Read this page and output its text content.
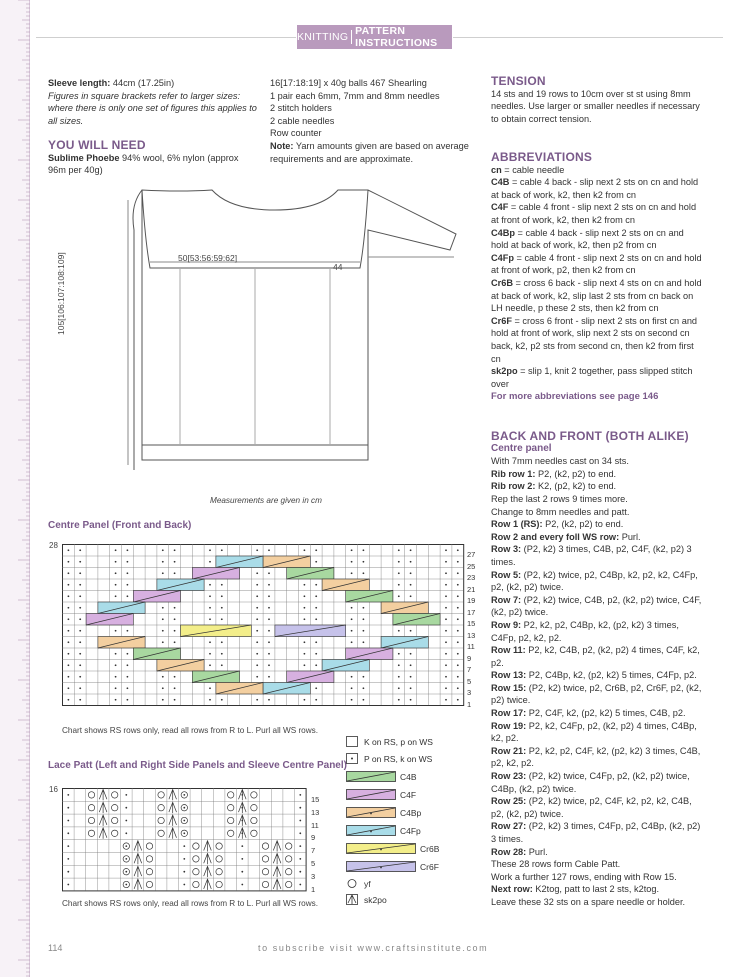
KNITTING PATTERN INSTRUCTIONS
Sleeve length: 44cm (17.25in)
Figures in square brackets refer to larger sizes: where there is only one set of figures this applies to all sizes.
YOU WILL NEED
Sublime Phoebe 94% wool, 6% nylon (approx 96m per 40g)
16[17:18:19] x 40g balls 467 Shearling
1 pair each 6mm, 7mm and 8mm needles
2 stitch holders
2 cable needles
Row counter
Note: Yarn amounts given are based on average requirements and are approximate.
50[53:56:59:62]
44
105[106:107:108:109]
Measurements are given in cm
Centre Panel (Front and Back)
28
27
25
23
21
19
17
15
13
11
9
7
5
3
1
Chart shows RS rows only, read all rows from R to L. Purl all WS rows.
Lace Patt (Left and Right Side Panels and Sleeve Centre Panel)
16
15
13
11
9
7
5
3
1
Chart shows RS rows only, read all rows from R to L. Purl all WS rows.
K on RS, p on WS
P on RS, k on WS
C4B
C4F
C4Bp
C4Fp
Cr6B
Cr6F
yf
sk2po
TENSION
14 sts and 19 rows to 10cm over st st using 8mm needles. Use larger or smaller needles if necessary to obtain correct tension.
ABBREVIATIONS
cn = cable needle
C4B = cable 4 back - slip next 2 sts on cn and hold at back of work, k2, then k2 from cn
C4F = cable 4 front - slip next 2 sts on cn and hold at front of work, k2, then k2 from cn
C4Bp = cable 4 back - slip next 2 sts on cn and hold at back of work, k2, then p2 from cn
C4Fp = cable 4 front - slip next 2 sts on cn and hold at front of work, p2, then k2 from cn
Cr6B = cross 6 back - slip next 4 sts on cn and hold at back of work, k2, slip last 2 sts from cn back on LH needle, p these 2 sts, then k2 from cn
Cr6F = cross 6 front - slip next 2 sts on first cn and hold at front of work, slip next 2 sts on second cn back, k2, p2 sts from second cn, then k2 from first cn
sk2po = slip 1, knit 2 together, pass slipped stitch over
For more abbreviations see page 146
BACK AND FRONT (BOTH ALIKE)
Centre panel
With 7mm needles cast on 34 sts.
Rib row 1: P2, (k2, p2) to end.
Rib row 2: K2, (p2, k2) to end.
Rep the last 2 rows 9 times more.
Change to 8mm needles and patt.
Row 1 (RS): P2, (k2, p2) to end.
Row 2 and every foll WS row: Purl.
Row 3: (P2, k2) 3 times, C4B, p2, C4F, (k2, p2) 3 times.
Row 5: (P2, k2) twice, p2, C4Bp, k2, p2, k2, C4Fp, p2, (k2, p2) twice.
Row 7: (P2, k2) twice, C4B, p2, (k2, p2) twice, C4F, (k2, p2) twice.
Row 9: P2, k2, p2, C4Bp, k2, (p2, k2) 3 times, C4Fp, p2, k2, p2.
Row 11: P2, k2, C4B, p2, (k2, p2) 4 times, C4F, k2, p2.
Row 13: P2, C4Bp, k2, (p2, k2) 5 times, C4Fp, p2.
Row 15: (P2, k2) twice, p2, Cr6B, p2, Cr6F, p2, (k2, p2) twice.
Row 17: P2, C4F, k2, (p2, k2) 5 times, C4B, p2.
Row 19: P2, k2, C4Fp, p2, (k2, p2) 4 times, C4Bp, k2, p2.
Row 21: P2, k2, p2, C4F, k2, (p2, k2) 3 times, C4B, p2, k2, p2.
Row 23: (P2, k2) twice, C4Fp, p2, (k2, p2) twice, C4Bp, (k2, p2) twice.
Row 25: (P2, k2) twice, p2, C4F, k2, p2, k2, C4B, p2, (k2, p2) twice.
Row 27: (P2, k2) 3 times, C4Fp, p2, C4Bp, (k2, p2) 3 times.
Row 28: Purl.
These 28 rows form Cable Patt.
Work a further 127 rows, ending with Row 15.
Next row: K2tog, patt to last 2 sts, k2tog.
Leave these 32 sts on a spare needle or holder.
114	to subscribe visit www.craftsinstitute.com
